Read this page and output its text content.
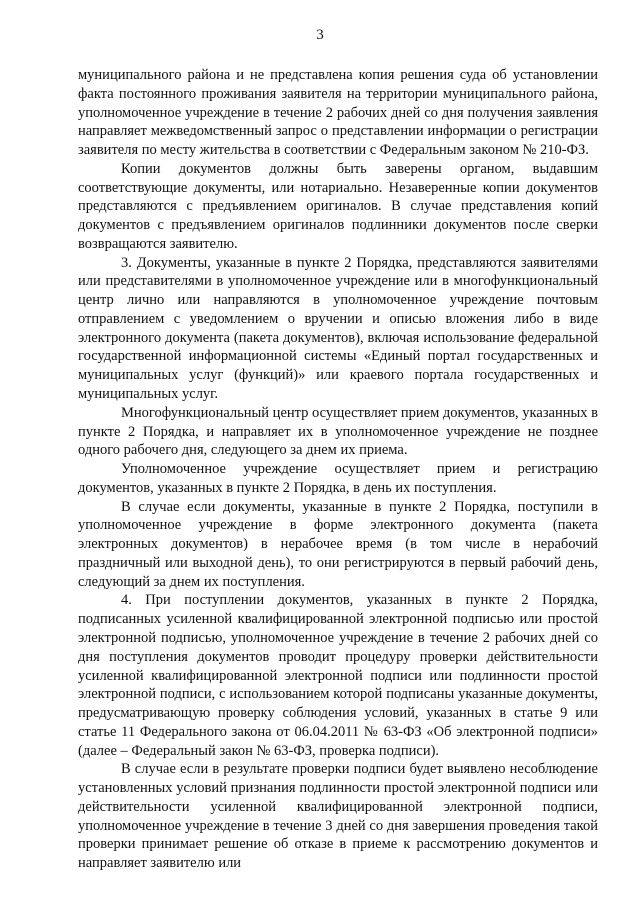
3

муниципального района и не представлена копия решения суда об установлении факта постоянного проживания заявителя на территории муниципального района, уполномоченное учреждение в течение 2 рабочих дней со дня получения заявления направляет межведомственный запрос о представлении информации о регистрации заявителя по месту жительства в соответствии с Федеральным законом № 210-ФЗ.

Копии документов должны быть заверены органом, выдавшим соответствующие документы, или нотариально. Незаверенные копии документов представляются с предъявлением оригиналов. В случае представления копий документов с предъявлением оригиналов подлинники документов после сверки возвращаются заявителю.

3. Документы, указанные в пункте 2 Порядка, представляются заявителями или представителями в уполномоченное учреждение или в многофункциональный центр лично или направляются в уполномоченное учреждение почтовым отправлением с уведомлением о вручении и описью вложения либо в виде электронного документа (пакета документов), включая использование федеральной государственной информационной системы «Единый портал государственных и муниципальных услуг (функций)» или краевого портала государственных и муниципальных услуг.

Многофункциональный центр осуществляет прием документов, указанных в пункте 2 Порядка, и направляет их в уполномоченное учреждение не позднее одного рабочего дня, следующего за днем их приема.

Уполномоченное учреждение осуществляет прием и регистрацию документов, указанных в пункте 2 Порядка, в день их поступления.

В случае если документы, указанные в пункте 2 Порядка, поступили в уполномоченное учреждение в форме электронного документа (пакета электронных документов) в нерабочее время (в том числе в нерабочий праздничный или выходной день), то они регистрируются в первый рабочий день, следующий за днем их поступления.

4. При поступлении документов, указанных в пункте 2 Порядка, подписанных усиленной квалифицированной электронной подписью или простой электронной подписью, уполномоченное учреждение в течение 2 рабочих дней со дня поступления документов проводит процедуру проверки действительности усиленной квалифицированной электронной подписи или подлинности простой электронной подписи, с использованием которой подписаны указанные документы, предусматривающую проверку соблюдения условий, указанных в статье 9 или статье 11 Федерального закона от 06.04.2011 № 63-ФЗ «Об электронной подписи» (далее – Федеральный закон № 63-ФЗ, проверка подписи).

В случае если в результате проверки подписи будет выявлено несоблюдение установленных условий признания подлинности простой электронной подписи или действительности усиленной квалифицированной электронной подписи, уполномоченное учреждение в течение 3 дней со дня завершения проведения такой проверки принимает решение об отказе в приеме к рассмотрению документов и направляет заявителю или
